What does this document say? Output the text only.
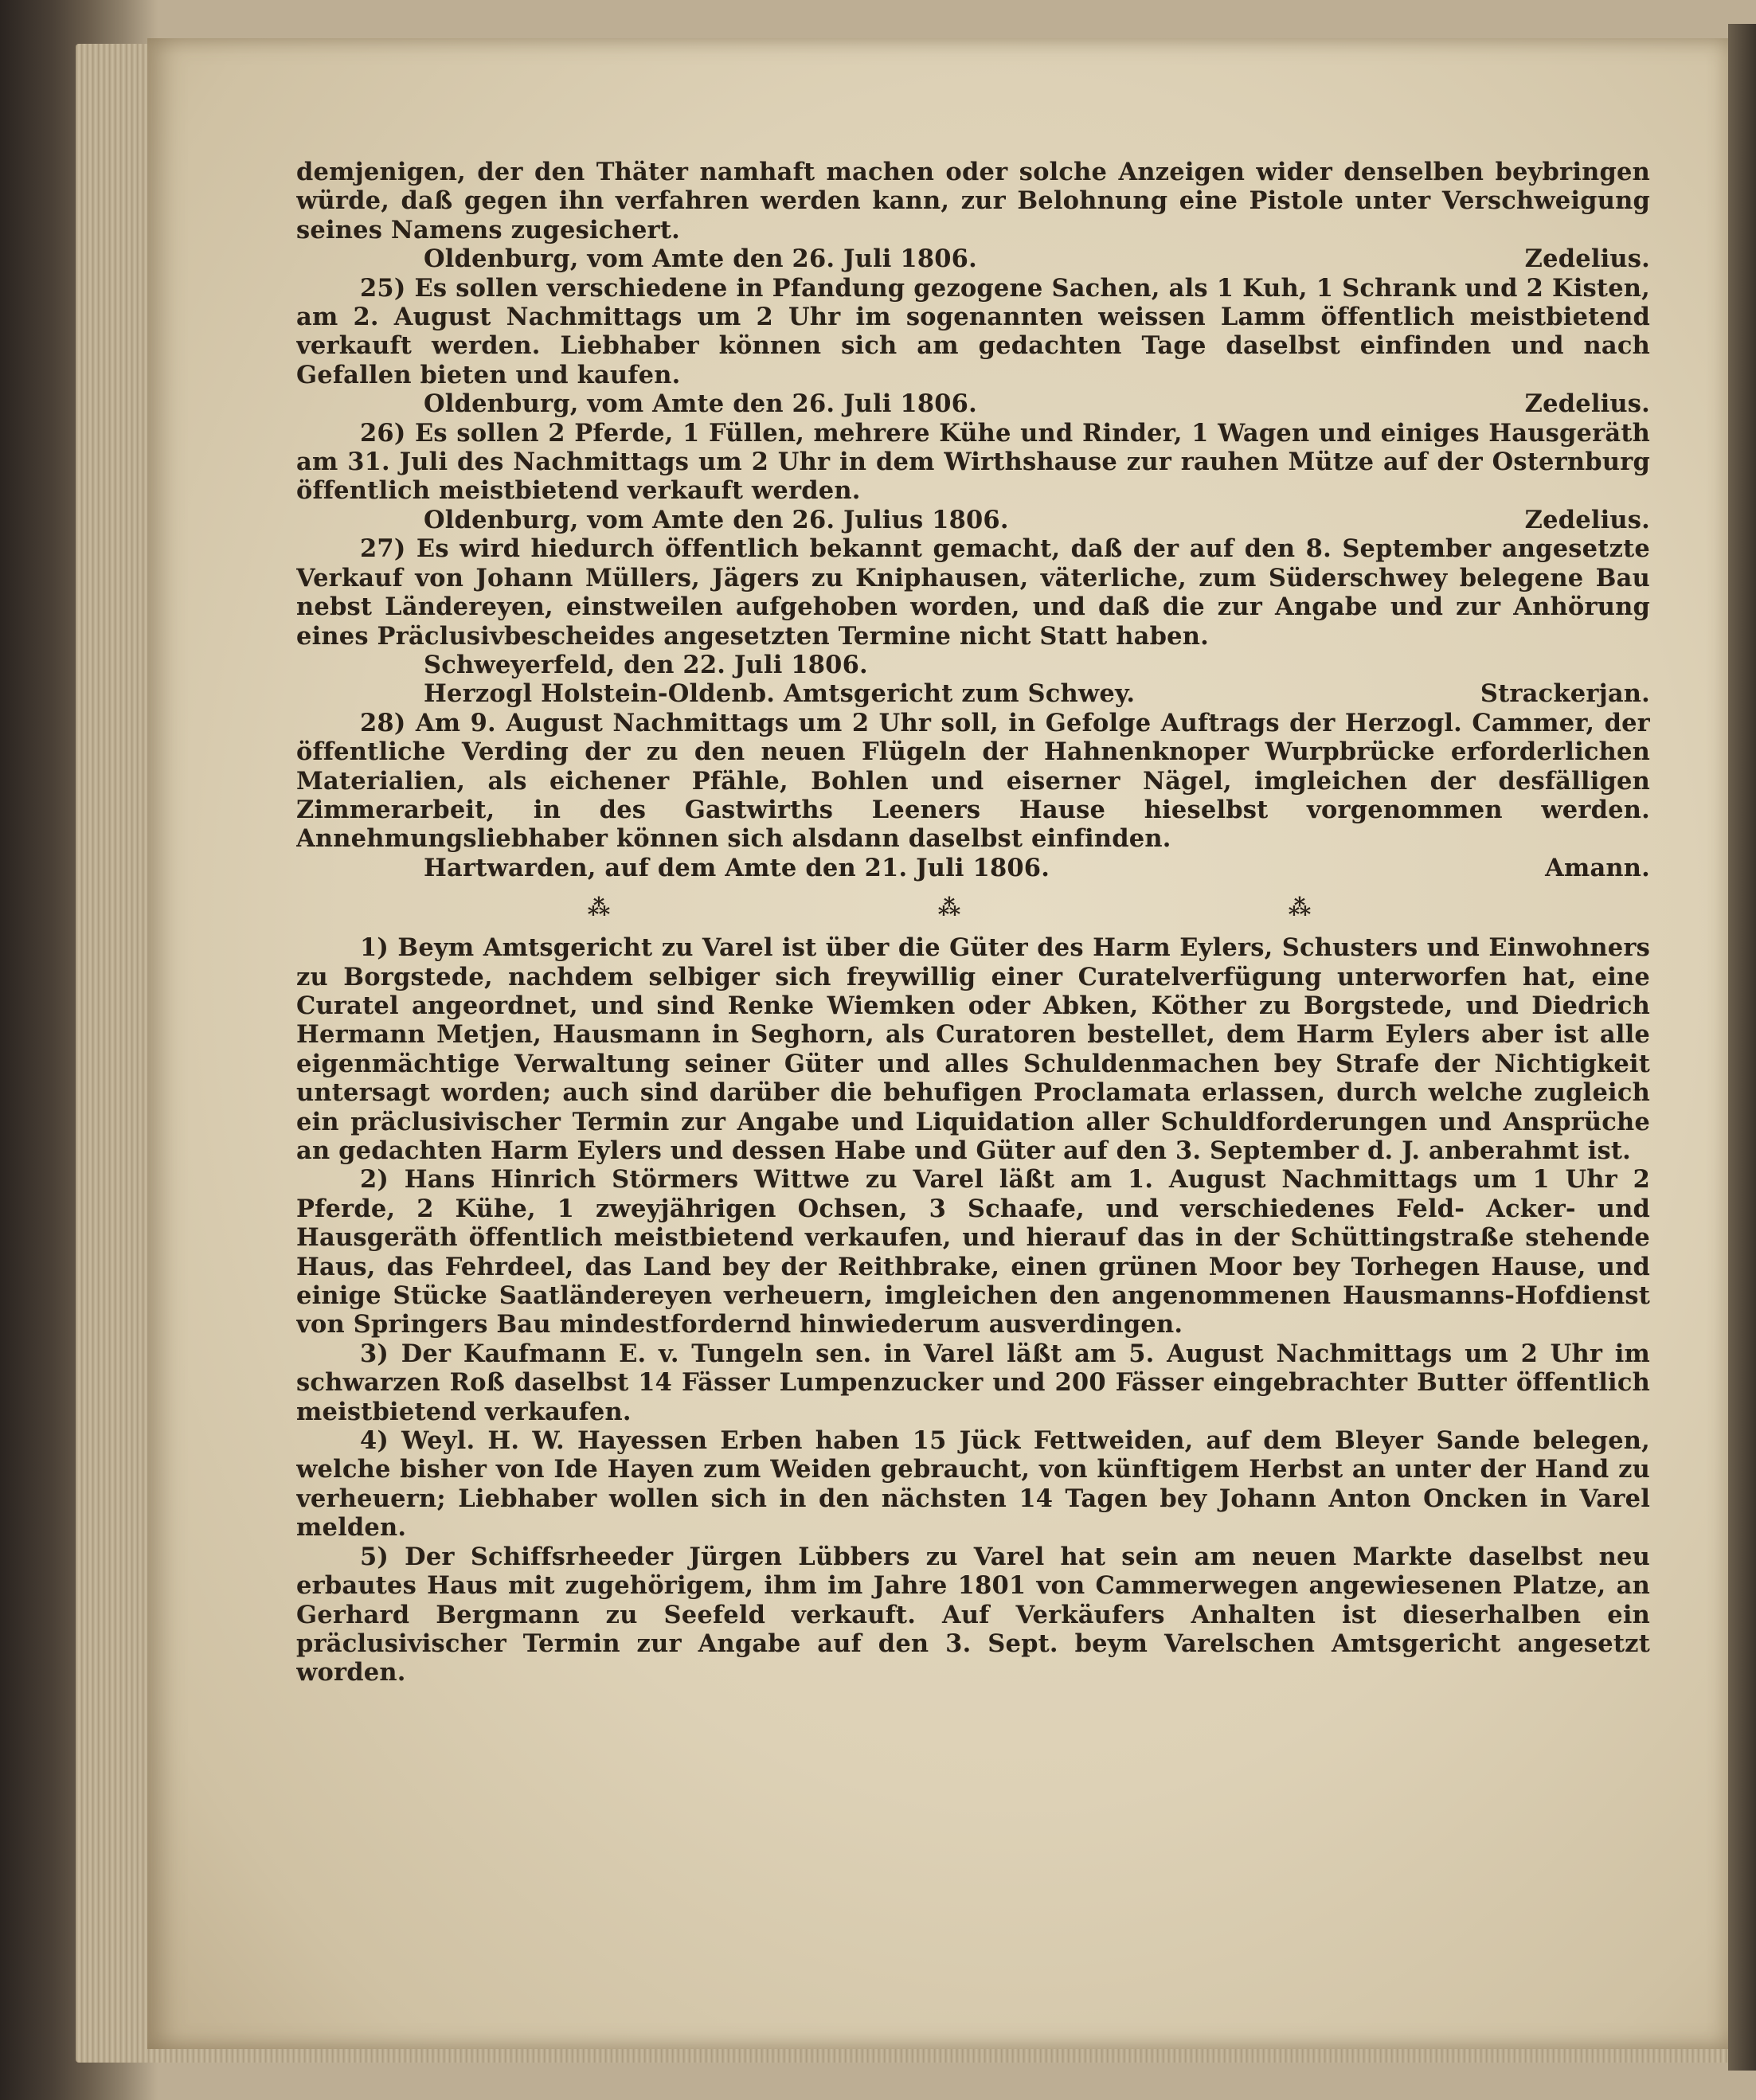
demjenigen, der den Thäter namhaft machen oder solche Anzeigen wider denselben beybringen würde, daß gegen ihn verfahren werden kann, zur Belohnung eine Pistole unter Verschweigung seines Namens zugesichert.

Oldenburg, vom Amte den 26. Juli 1806.	Zedelius.

25) Es sollen verschiedene in Pfandung gezogene Sachen, als 1 Kuh, 1 Schrank und 2 Kisten, am 2. August Nachmittags um 2 Uhr im sogenannten weissen Lamm öffentlich meistbietend verkauft werden. Liebhaber können sich am gedachten Tage daselbst einfinden und nach Gefallen bieten und kaufen.

Oldenburg, vom Amte den 26. Juli 1806.	Zedelius.

26) Es sollen 2 Pferde, 1 Füllen, mehrere Kühe und Rinder, 1 Wagen und einiges Hausgeräth am 31. Juli des Nachmittags um 2 Uhr in dem Wirthshause zur rauhen Mütze auf der Osternburg öffentlich meistbietend verkauft werden.

Oldenburg, vom Amte den 26. Julius 1806.	Zedelius.

27) Es wird hiedurch öffentlich bekannt gemacht, daß der auf den 8. September angesetzte Verkauf von Johann Müllers, Jägers zu Kniphausen, väterliche, zum Süderschwey belegene Bau nebst Ländereyen, einstweilen aufgehoben worden, und daß die zur Angabe und zur Anhörung eines Präclusivbescheides angesetzten Termine nicht Statt haben.

Schweyerfeld, den 22. Juli 1806.

Herzogl Holstein-Oldenb. Amtsgericht zum Schwey.	Strackerjan.

28) Am 9. August Nachmittags um 2 Uhr soll, in Gefolge Auftrags der Herzogl. Cammer, der öffentliche Verding der zu den neuen Flügeln der Hahnenknoper Wurpbrücke erforderlichen Materialien, als eichener Pfähle, Bohlen und eiserner Nägel, imgleichen der desfälligen Zimmerarbeit, in des Gastwirths Leeners Hause hieselbst vorgenommen werden. Annehmungsliebhaber können sich alsdann daselbst einfinden.

Hartwarden, auf dem Amte den 21. Juli 1806.	Amann.
⁂	⁂	⁂

1) Beym Amtsgericht zu Varel ist über die Güter des Harm Eylers, Schusters und Einwohners zu Borgstede, nachdem selbiger sich freywillig einer Curatelverfügung unterworfen hat, eine Curatel angeordnet, und sind Renke Wiemken oder Abken, Köther zu Borgstede, und Diedrich Hermann Metjen, Hausmann in Seghorn, als Curatoren bestellet, dem Harm Eylers aber ist alle eigenmächtige Verwaltung seiner Güter und alles Schuldenmachen bey Strafe der Nichtigkeit untersagt worden; auch sind darüber die behufigen Proclamata erlassen, durch welche zugleich ein präclusivischer Termin zur Angabe und Liquidation aller Schuldforderungen und Ansprüche an gedachten Harm Eylers und dessen Habe und Güter auf den 3. September d. J. anberahmt ist.

2) Hans Hinrich Störmers Wittwe zu Varel läßt am 1. August Nachmittags um 1 Uhr 2 Pferde, 2 Kühe, 1 zweyjährigen Ochsen, 3 Schaafe, und verschiedenes Feld- Acker- und Hausgeräth öffentlich meistbietend verkaufen, und hierauf das in der Schüttingstraße stehende Haus, das Fehrdeel, das Land bey der Reithbrake, einen grünen Moor bey Torhegen Hause, und einige Stücke Saatländereyen verheuern, imgleichen den angenommenen Hausmanns-Hofdienst von Springers Bau mindestfordernd hinwiederum ausverdingen.

3) Der Kaufmann E. v. Tungeln sen. in Varel läßt am 5. August Nachmittags um 2 Uhr im schwarzen Roß daselbst 14 Fässer Lumpenzucker und 200 Fässer eingebrachter Butter öffentlich meistbietend verkaufen.

4) Weyl. H. W. Hayessen Erben haben 15 Jück Fettweiden, auf dem Bleyer Sande belegen, welche bisher von Ide Hayen zum Weiden gebraucht, von künftigem Herbst an unter der Hand zu verheuern; Liebhaber wollen sich in den nächsten 14 Tagen bey Johann Anton Oncken in Varel melden.

5) Der Schiffsrheeder Jürgen Lübbers zu Varel hat sein am neuen Markte daselbst neu erbautes Haus mit zugehörigem, ihm im Jahre 1801 von Cammerwegen angewiesenen Platze, an Gerhard Bergmann zu Seefeld verkauft. Auf Verkäufers Anhalten ist dieserhalben ein präclusivischer Termin zur Angabe auf den 3. Sept. beym Varelschen Amtsgericht angesetzt worden.
